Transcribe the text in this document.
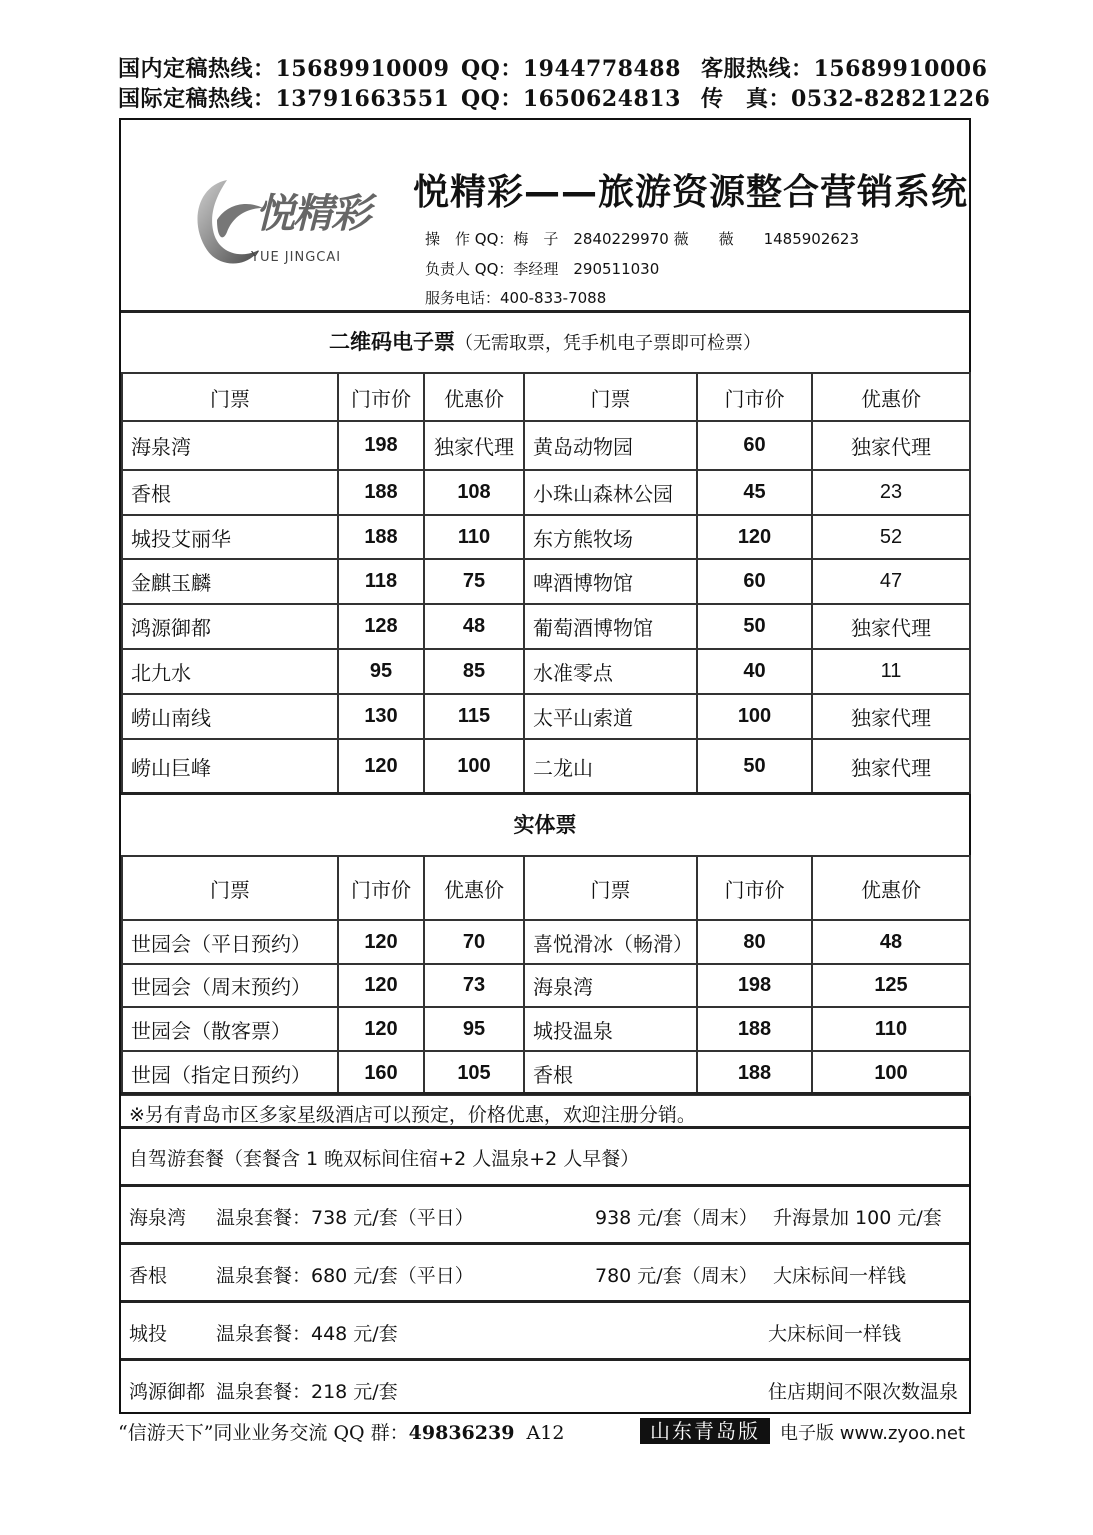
国内定稿热线：15689910009 QQ：1944778488 客服热线：15689910006
国际定稿热线：13791663551 QQ：1650624813 传　真：0532-82821226
悦精彩
YUE JINGCAI
悦精彩——旅游资源整合营销系统
操　作 QQ：梅　子　2840229970 薇　　薇　　1485902623
负责人 QQ：李经理　290511030
服务电话：400-833-7088
二维码电子票（无需取票，凭手机电子票即可检票）
门票	门市价	优惠价	门票	门市价	优惠价
海泉湾	198	独家代理	黄岛动物园	60	独家代理
香根	188	108	小珠山森林公园	45	23
城投艾丽华	188	110	东方熊牧场	120	52
金麒玉麟	118	75	啤酒博物馆	60	47
鸿源御都	128	48	葡萄酒博物馆	50	独家代理
北九水	95	85	水准零点	40	11
崂山南线	130	115	太平山索道	100	独家代理
崂山巨峰	120	100	二龙山	50	独家代理
实体票
门票	门市价	优惠价	门票	门市价	优惠价
世园会（平日预约）	120	70	喜悦滑冰（畅滑）	80	48
世园会（周末预约）	120	73	海泉湾	198	125
世园会（散客票）	120	95	城投温泉	188	110
世园（指定日预约）	160	105	香根	188	100
※另有青岛市区多家星级酒店可以预定，价格优惠，欢迎注册分销。
自驾游套餐（套餐含 1 晚双标间住宿+2 人温泉+2 人早餐）
海泉湾 温泉套餐：738 元/套（平日）	938 元/套（周末） 升海景加 100 元/套
香根	温泉套餐：680 元/套（平日）	780 元/套（周末） 大床标间一样钱
城投	温泉套餐：448 元/套	大床标间一样钱
鸿源御都 温泉套餐：218 元/套	住店期间不限次数温泉
“信游天下”同业业务交流 QQ 群：49836239 A12	山东青岛版	电子版 www.zyoo.net
